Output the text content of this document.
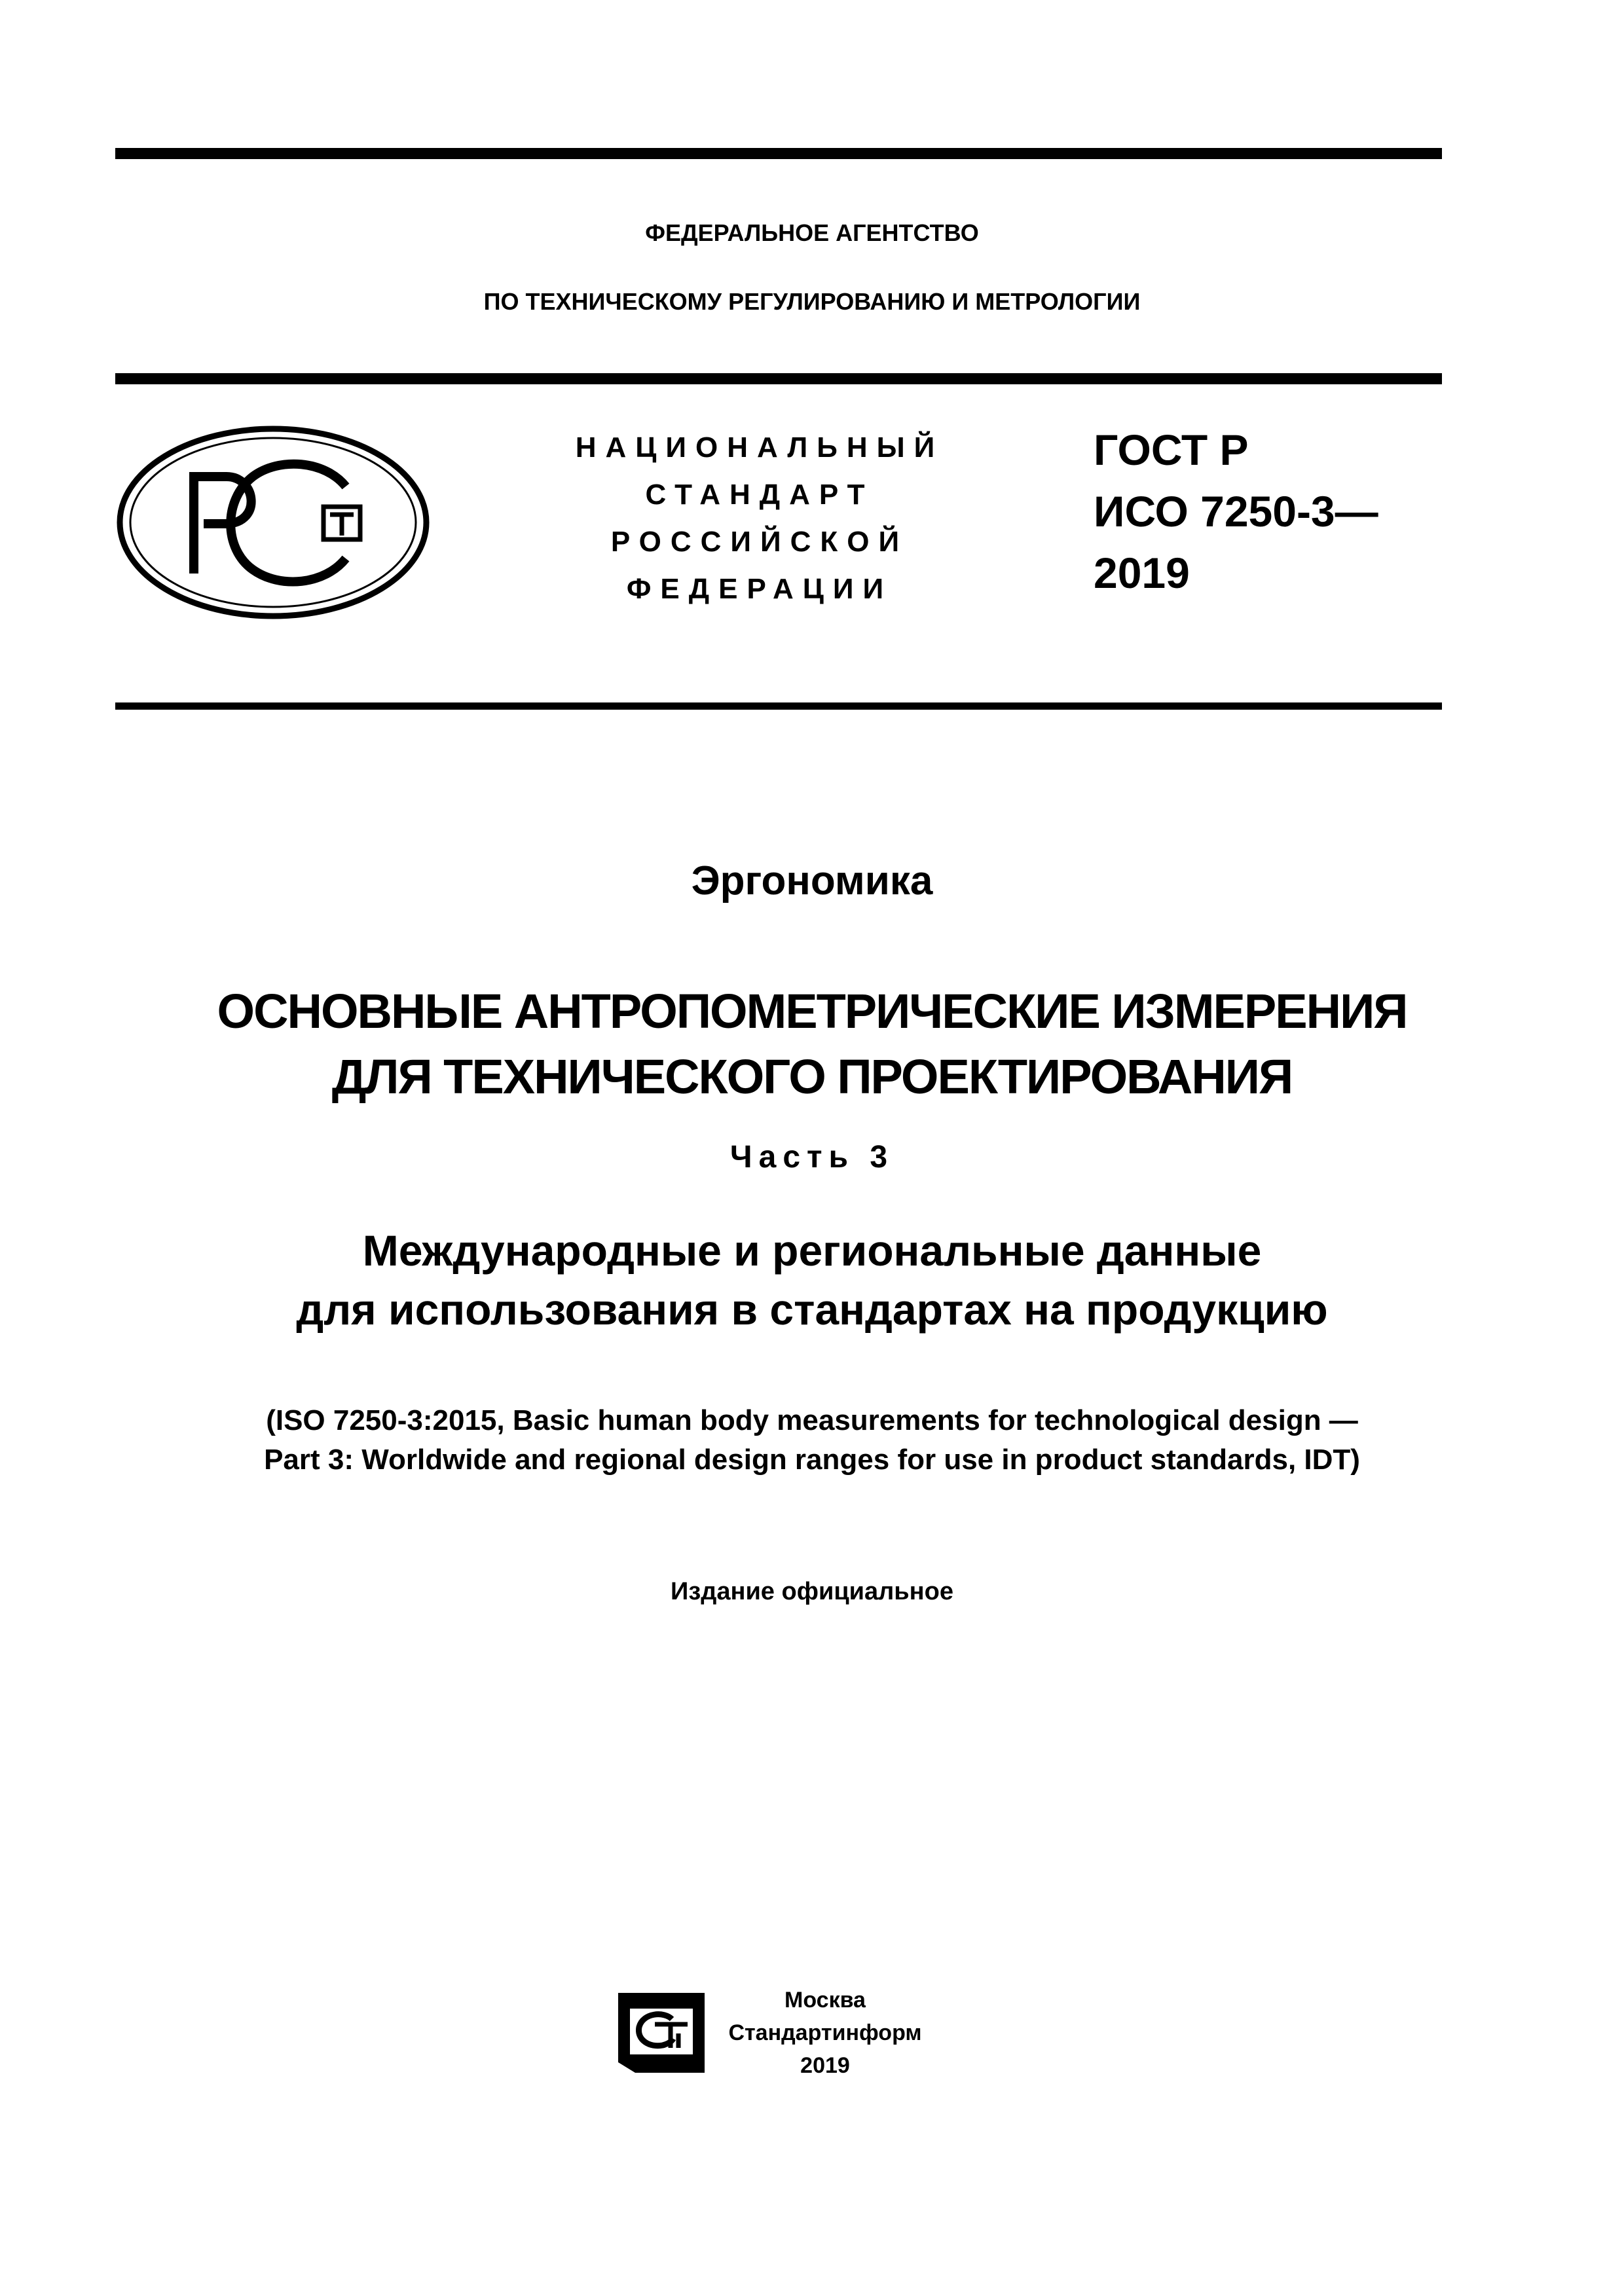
ФЕДЕРАЛЬНОЕ АГЕНТСТВО
ПО ТЕХНИЧЕСКОМУ РЕГУЛИРОВАНИЮ И МЕТРОЛОГИИ
НАЦИОНАЛЬНЫЙ
СТАНДАРТ
РОССИЙСКОЙ
ФЕДЕРАЦИИ
ГОСТ Р
ИСО 7250-3—
2019
Эргономика
ОСНОВНЫЕ АНТРОПОМЕТРИЧЕСКИЕ ИЗМЕРЕНИЯ
ДЛЯ ТЕХНИЧЕСКОГО ПРОЕКТИРОВАНИЯ
Часть 3
Международные и региональные данные
для использования в стандартах на продукцию
(ISO 7250-3:2015, Basic human body measurements for technological design —
Part 3: Worldwide and regional design ranges for use in product standards, IDT)
Издание официальное
Москва
Стандартинформ
2019
